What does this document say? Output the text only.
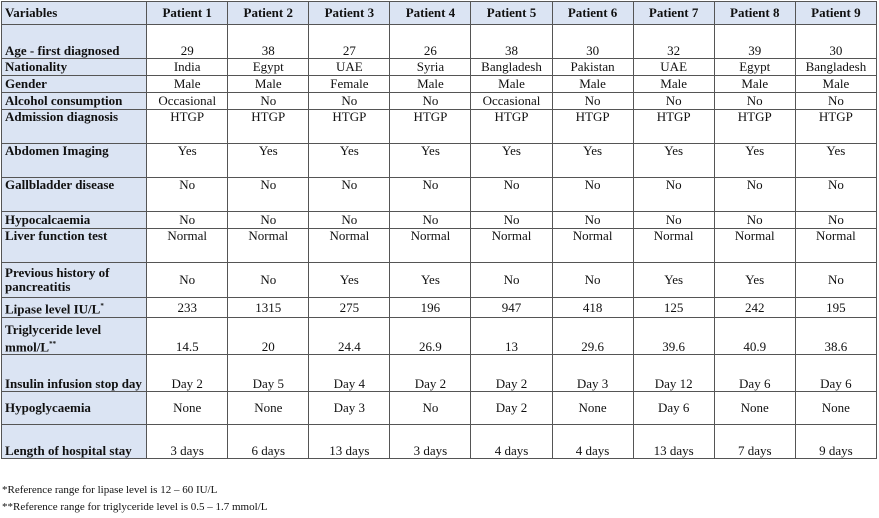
Variables	Patient 1	Patient 2	Patient 3	Patient 4	Patient 5	Patient 6	Patient 7	Patient 8	Patient 9
Age - first diagnosed	29	38	27	26	38	30	32	39	30
Nationality	India	Egypt	UAE	Syria	Bangladesh	Pakistan	UAE	Egypt	Bangladesh
Gender	Male	Male	Female	Male	Male	Male	Male	Male	Male
Alcohol consumption	Occasional	No	No	No	Occasional	No	No	No	No
Admission diagnosis	HTGP	HTGP	HTGP	HTGP	HTGP	HTGP	HTGP	HTGP	HTGP
Abdomen Imaging	Yes	Yes	Yes	Yes	Yes	Yes	Yes	Yes	Yes
Gallbladder disease	No	No	No	No	No	No	No	No	No
Hypocalcaemia	No	No	No	No	No	No	No	No	No
Liver function test	Normal	Normal	Normal	Normal	Normal	Normal	Normal	Normal	Normal
Previous history of pancreatitis	No	No	Yes	Yes	No	No	Yes	Yes	No
Lipase level IU/L*	233	1315	275	196	947	418	125	242	195
Triglyceride level mmol/L**	14.5	20	24.4	26.9	13	29.6	39.6	40.9	38.6
Insulin infusion stop day	Day 2	Day 5	Day 4	Day 2	Day 2	Day 3	Day 12	Day 6	Day 6
Hypoglycaemia	None	None	Day 3	No	Day 2	None	Day 6	None	None
Length of hospital stay	3 days	6 days	13 days	3 days	4 days	4 days	13 days	7 days	9 days
*Reference range for lipase level is 12 – 60 IU/L
**Reference range for triglyceride level is 0.5 – 1.7 mmol/L
